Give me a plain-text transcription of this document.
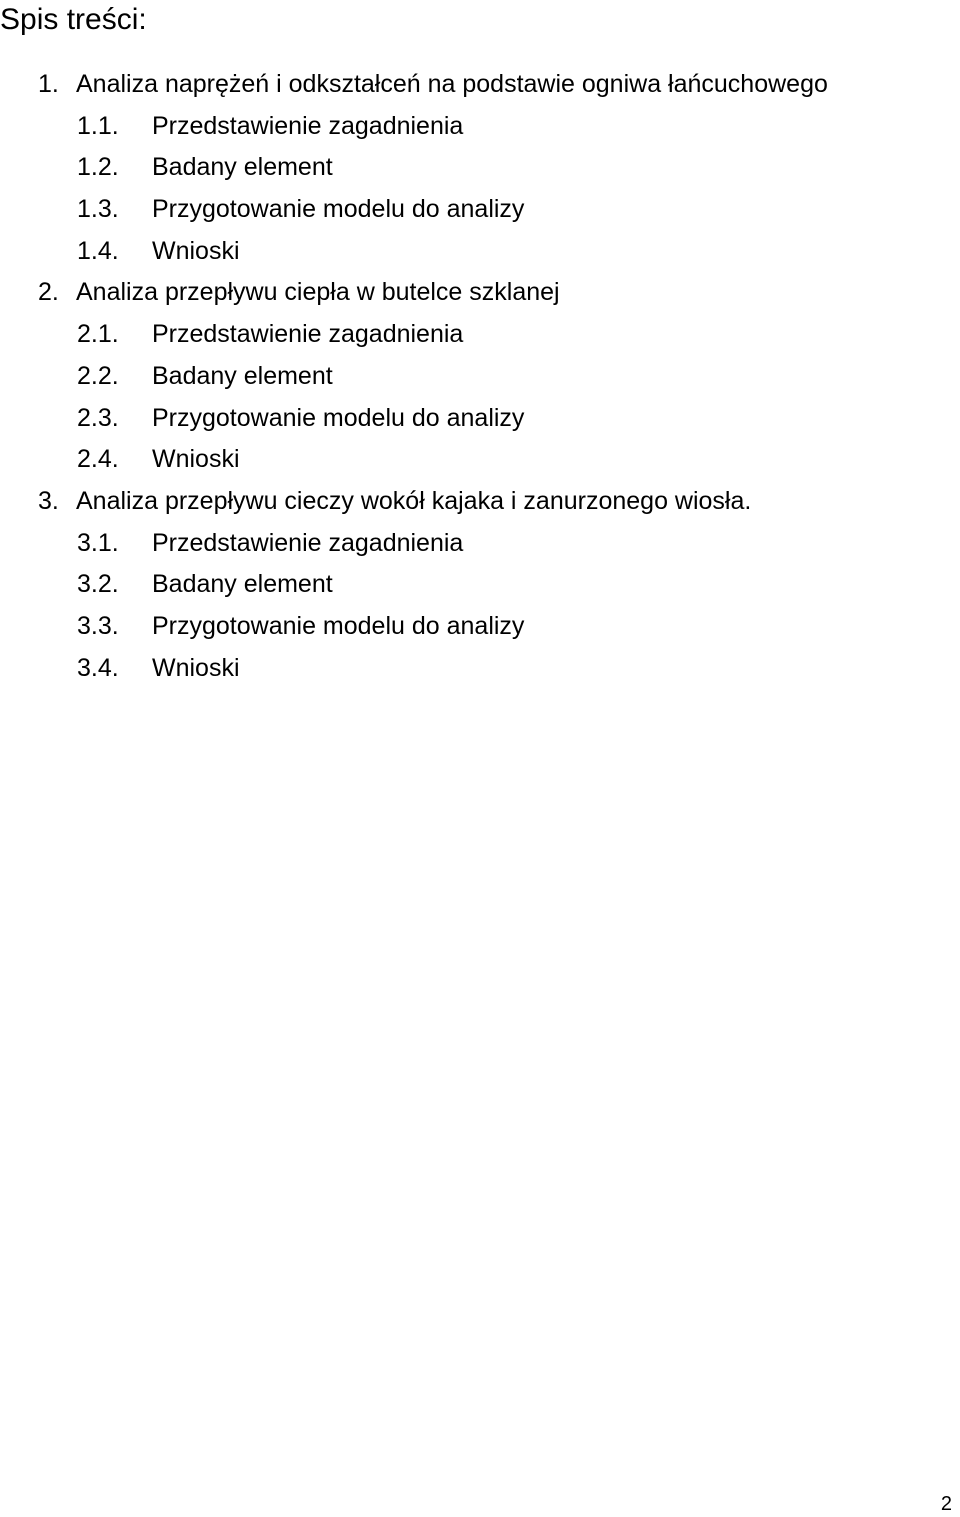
Spis treści:
1. Analiza naprężeń i odkształceń na podstawie ogniwa łańcuchowego
1.1. Przedstawienie zagadnienia
1.2. Badany element
1.3. Przygotowanie modelu do analizy
1.4. Wnioski
2. Analiza przepływu ciepła w butelce szklanej
2.1. Przedstawienie zagadnienia
2.2. Badany element
2.3. Przygotowanie modelu do analizy
2.4. Wnioski
3. Analiza przepływu cieczy wokół kajaka i zanurzonego wiosła.
3.1. Przedstawienie zagadnienia
3.2. Badany element
3.3. Przygotowanie modelu do analizy
3.4. Wnioski
2
